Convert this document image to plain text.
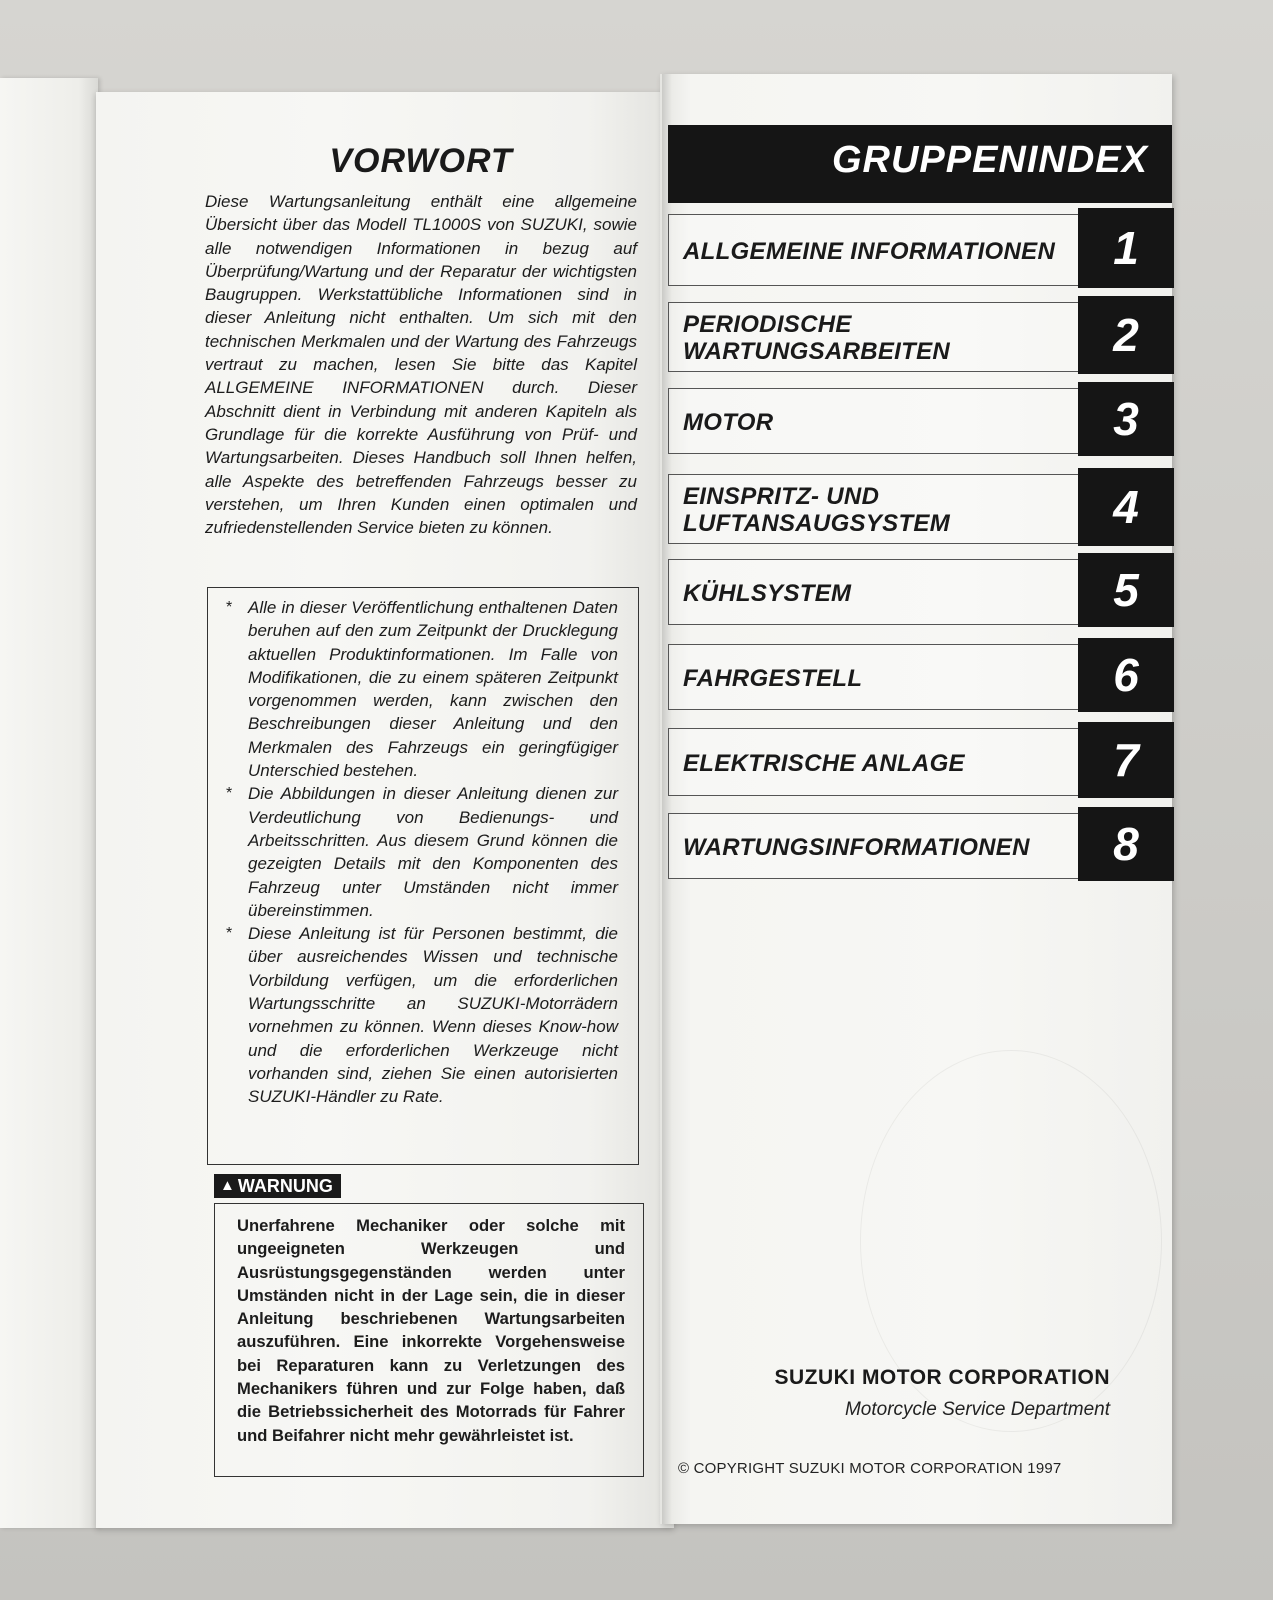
VORWORT
Diese Wartungsanleitung enthält eine allgemeine Übersicht über das Modell TL1000S von SUZUKI, sowie alle notwendigen Informationen in bezug auf Überprüfung/Wartung und der Reparatur der wichtigsten Baugruppen. Werkstattübliche Informationen sind in dieser Anleitung nicht enthalten. Um sich mit den technischen Merkmalen und der Wartung des Fahrzeugs vertraut zu machen, lesen Sie bitte das Kapitel ALLGEMEINE INFORMATIONEN durch. Dieser Abschnitt dient in Verbindung mit anderen Kapiteln als Grundlage für die korrekte Ausführung von Prüf- und Wartungsarbeiten. Dieses Handbuch soll Ihnen helfen, alle Aspekte des betreffenden Fahrzeugs besser zu verstehen, um Ihren Kunden einen optimalen und zufriedenstellenden Service bieten zu können.
* Alle in dieser Veröffentlichung enthaltenen Daten beruhen auf den zum Zeitpunkt der Drucklegung aktuellen Produktinformationen. Im Falle von Modifikationen, die zu einem späteren Zeitpunkt vorgenommen werden, kann zwischen den Beschreibungen dieser Anleitung und den Merkmalen des Fahrzeugs ein geringfügiger Unterschied bestehen.
* Die Abbildungen in dieser Anleitung dienen zur Verdeutlichung von Bedienungs- und Arbeitsschritten. Aus diesem Grund können die gezeigten Details mit den Komponenten des Fahrzeug unter Umständen nicht immer übereinstimmen.
* Diese Anleitung ist für Personen bestimmt, die über ausreichendes Wissen und technische Vorbildung verfügen, um die erforderlichen Wartungsschritte an SUZUKI-Motorrädern vornehmen zu können. Wenn dieses Know-how und die erforderlichen Werkzeuge nicht vorhanden sind, ziehen Sie einen autorisierten SUZUKI-Händler zu Rate.
▲ WARNUNG
Unerfahrene Mechaniker oder solche mit ungeeigneten Werkzeugen und Ausrüstungsgegenständen werden unter Umständen nicht in der Lage sein, die in dieser Anleitung beschriebenen Wartungsarbeiten auszuführen. Eine inkorrekte Vorgehensweise bei Reparaturen kann zu Verletzungen des Mechanikers führen und zur Folge haben, daß die Betriebssicherheit des Motorrads für Fahrer und Beifahrer nicht mehr gewährleistet ist.
GRUPPENINDEX
ALLGEMEINE INFORMATIONEN	1
PERIODISCHE
WARTUNGSARBEITEN	2
MOTOR	3
EINSPRITZ- UND
LUFTANSAUGSYSTEM	4
KÜHLSYSTEM	5
FAHRGESTELL	6
ELEKTRISCHE ANLAGE	7
WARTUNGSINFORMATIONEN	8
SUZUKI MOTOR CORPORATION
Motorcycle Service Department
© COPYRIGHT SUZUKI MOTOR CORPORATION 1997
